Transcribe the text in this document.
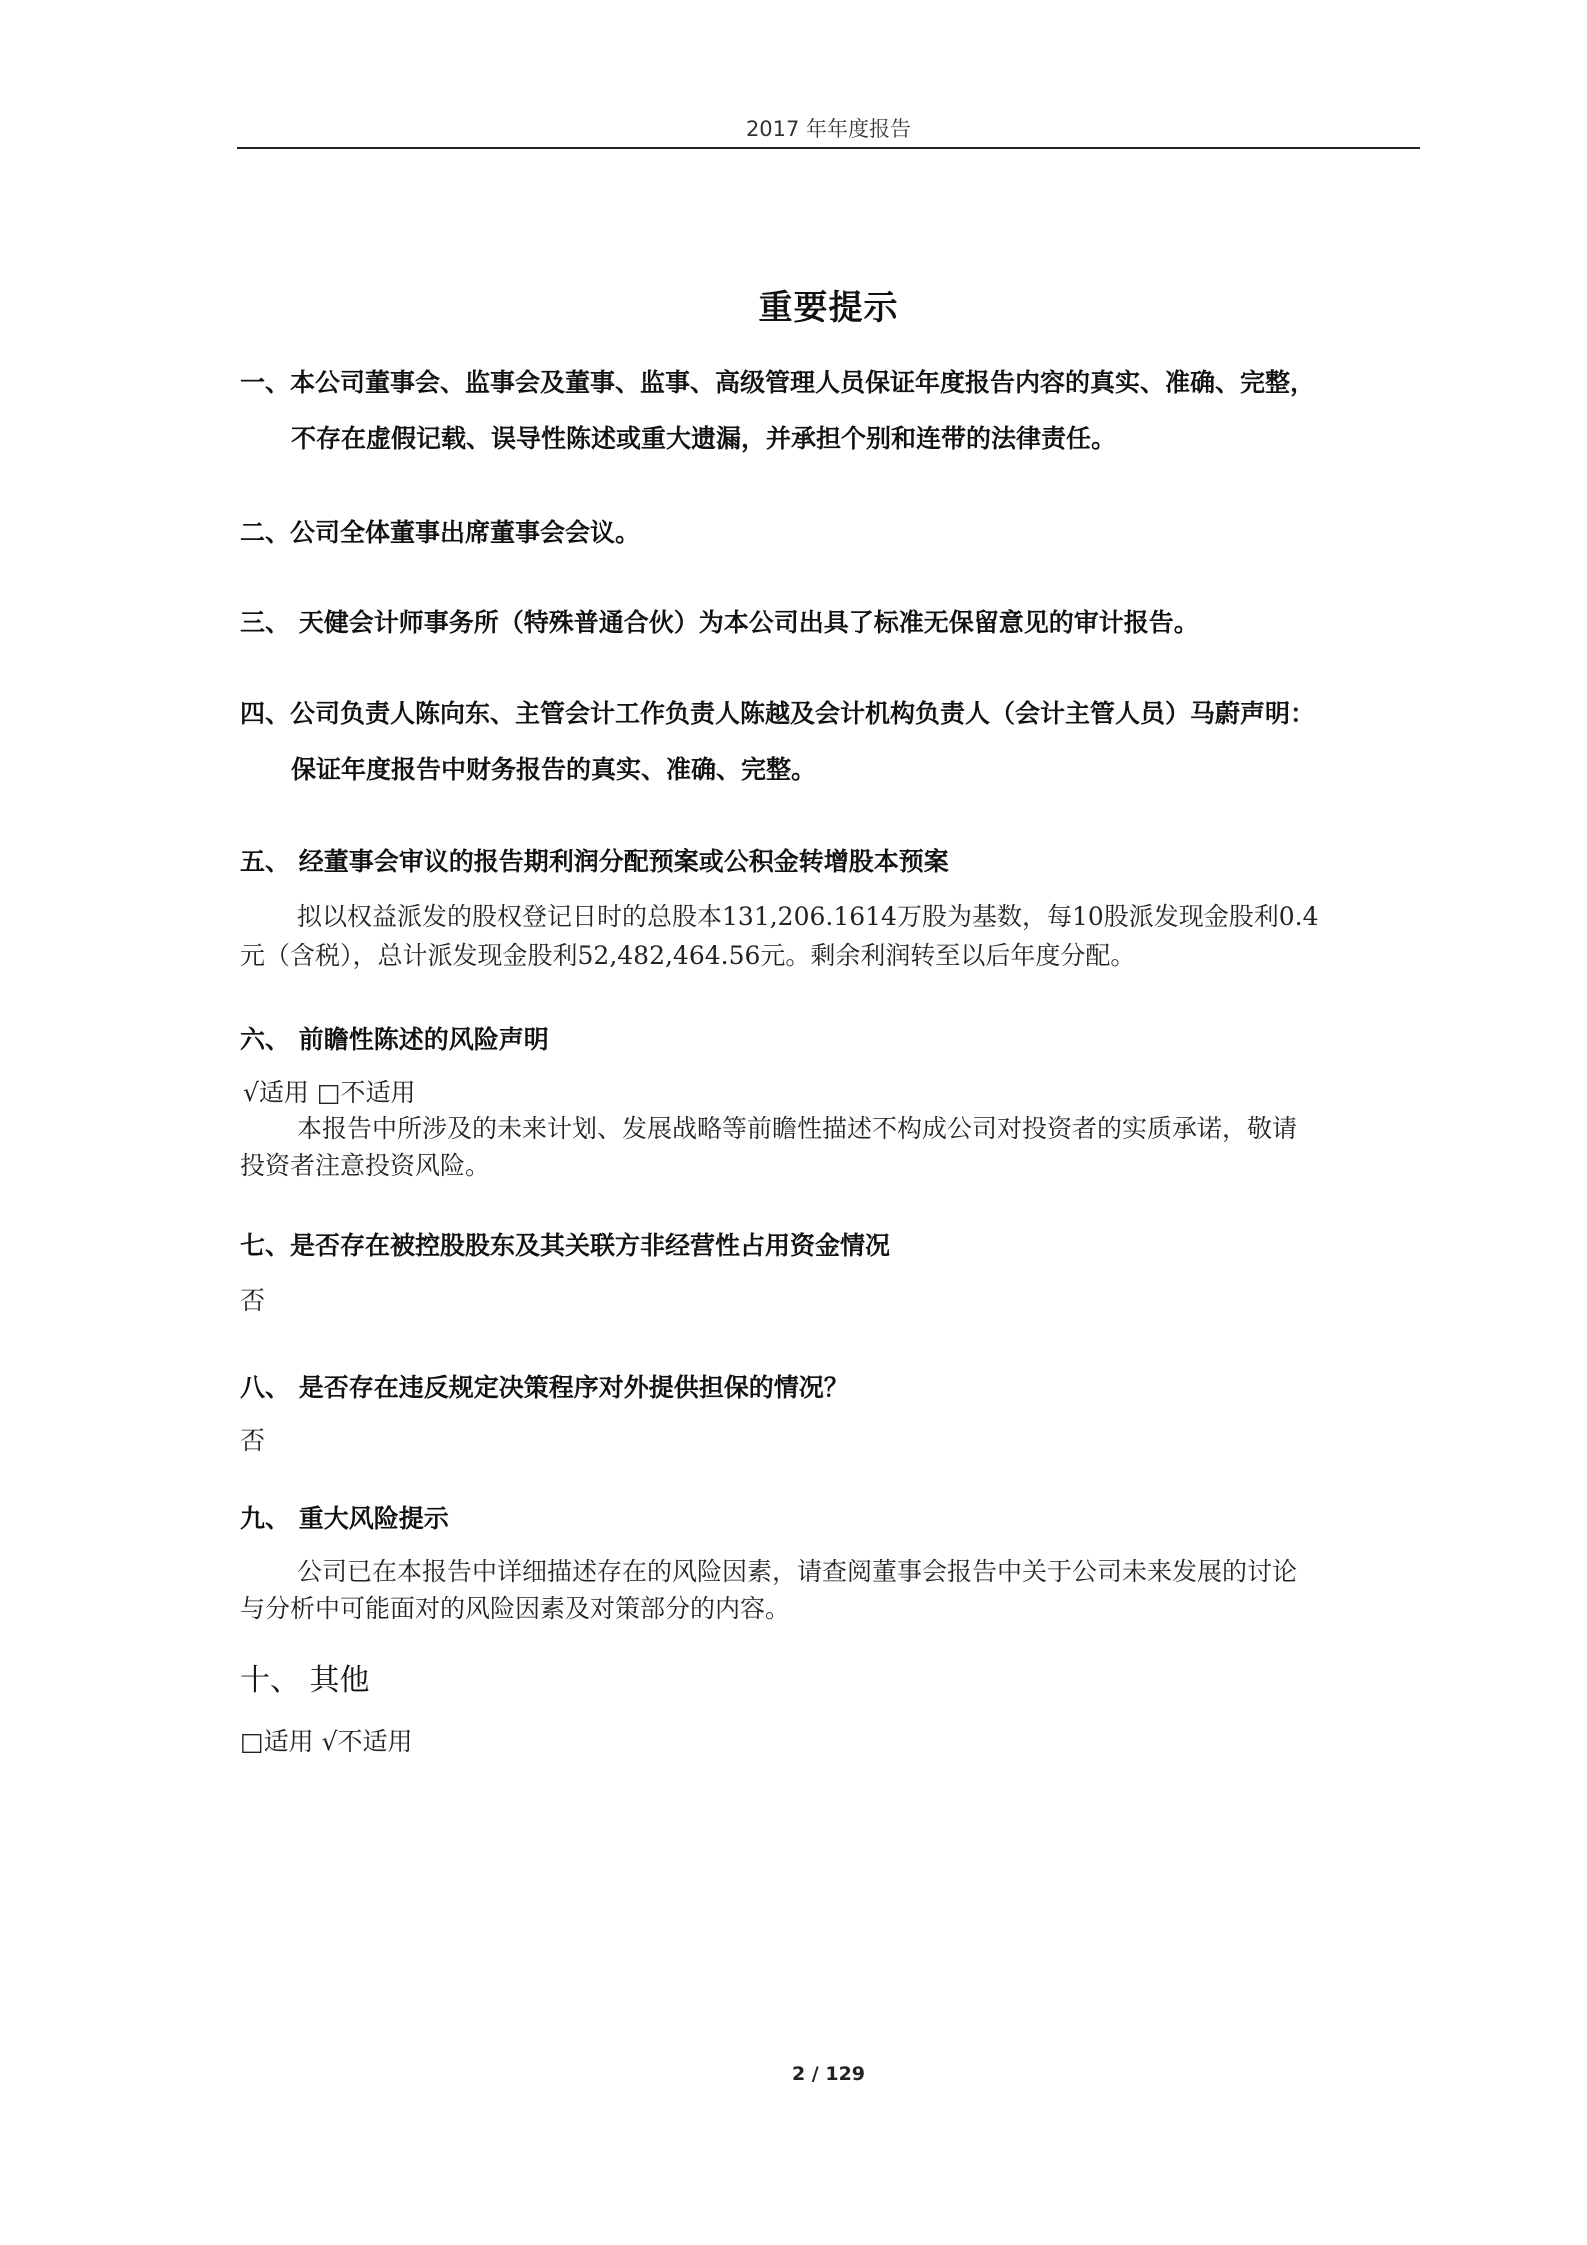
2017 年年度报告
重要提示
一、本公司董事会、监事会及董事、监事、高级管理人员保证年度报告内容的真实、准确、完整，
不存在虚假记载、误导性陈述或重大遗漏，并承担个别和连带的法律责任。
二、公司全体董事出席董事会会议。
三、 天健会计师事务所（特殊普通合伙）为本公司出具了标准无保留意见的审计报告。
四、公司负责人陈向东、主管会计工作负责人陈越及会计机构负责人（会计主管人员）马蔚声明：
保证年度报告中财务报告的真实、准确、完整。
五、 经董事会审议的报告期利润分配预案或公积金转增股本预案
拟以权益派发的股权登记日时的总股本131,206.1614万股为基数，每10股派发现金股利0.4
元（含税），总计派发现金股利52,482,464.56元。剩余利润转至以后年度分配。
六、 前瞻性陈述的风险声明
√适用 □不适用
本报告中所涉及的未来计划、发展战略等前瞻性描述不构成公司对投资者的实质承诺，敬请
投资者注意投资风险。
七、是否存在被控股股东及其关联方非经营性占用资金情况
否
八、 是否存在违反规定决策程序对外提供担保的情况？
否
九、 重大风险提示
公司已在本报告中详细描述存在的风险因素，请查阅董事会报告中关于公司未来发展的讨论
与分析中可能面对的风险因素及对策部分的内容。
十、 其他
□适用 √不适用
2 / 129
